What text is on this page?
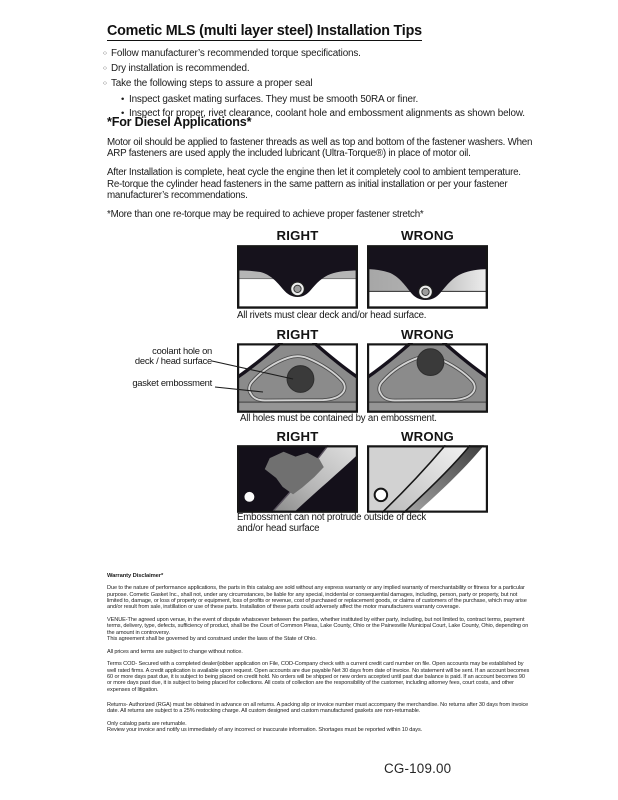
Cometic MLS (multi layer steel) Installation Tips
○
Follow manufacturer’s recommended torque specifications.
○
Dry installation is recommended.
○
Take the following steps to assure a proper seal
•
Inspect gasket mating surfaces. They must be smooth 50RA or finer.
•
Inspect for proper, rivet clearance, coolant hole and embossment alignments as shown below.
*For Diesel Applications*

Motor oil should be applied to fastener threads as well as top and bottom of the fastener washers. When ARP fasteners are used apply the included lubricant (Ultra-Torque®) in place of motor oil.

After Installation is complete, heat cycle the engine then let it completely cool to ambient temperature. Re-torque the cylinder head fasteners in the same pattern as initial installation or per your fastener manufacturer’s recommendations.

*More than one re-torque may be required to achieve proper fastener stretch*

RIGHT	WRONG
All rivets must clear deck and/or head surface.
RIGHT	WRONG
coolant hole on
deck / head surface
gasket embossment
All holes must be contained by an embossment.
RIGHT	WRONG
Embossment can not protrude outside of deck
and/or head surface
Warranty Disclaimer*

Due to the nature of performance applications, the parts in this catalog are sold without any express warranty or any implied warranty of merchantability or fitness for a particular purpose. Cometic Gasket Inc., shall not, under any circumstances, be liable for any special, incidental or consequential damages, including, person, party or property, but not limited to, damage, or loss of property or equipment, loss of profits or revenue, cost of purchased or replacement goods, or claims of customers of the purchase, which may arise and/or result from sale, instillation or use of these parts. Installation of these parts could adversely affect the motor manufacturers warranty coverage.

VENUE-The agreed upon venue, in the event of dispute whatsoever between the parties, whether instituted by either party, including, but not limited to, contract terms, payment terms, delivery, type, defects, sufficiency of product, shall be the Court of Common Pleas, Lake County, Ohio or the Painesville Municipal Court, Lake County, Ohio, depending on the amount in controversy.

This agreement shall be governed by and construed under the laws of the State of Ohio.

All prices and terms are subject to change without notice.

Terms COD- Secured with a completed dealer/jobber application on File, COD-Company check with a current credit card number on file. Open accounts may be established by well rated firms. A credit application is available upon request. Open accounts are due payable Net 30 days from date of invoice. No statement will be sent. If an account becomes 60 or more days past due, it is subject to being placed on credit hold. No orders will be shipped or new orders accepted until past due balance is paid. If an account becomes 90 or more days past due, it is subject to being placed for collections. All costs of collection are the responsibility of the customer, including attorney fees, court costs, and other expenses of litigation.

Returns- Authorized (RGA) must be obtained in advance on all returns. A packing slip or invoice number must accompany the merchandise. No returns after 30 days from invoice date. All returns are subject to a 25% restocking charge. All custom designed and custom manufactured gaskets are non-returnable.

Only catalog parts are returnable.

Review your invoice and notify us immediately of any incorrect or inaccurate information. Shortages must be reported within 10 days.

CG-109.00
